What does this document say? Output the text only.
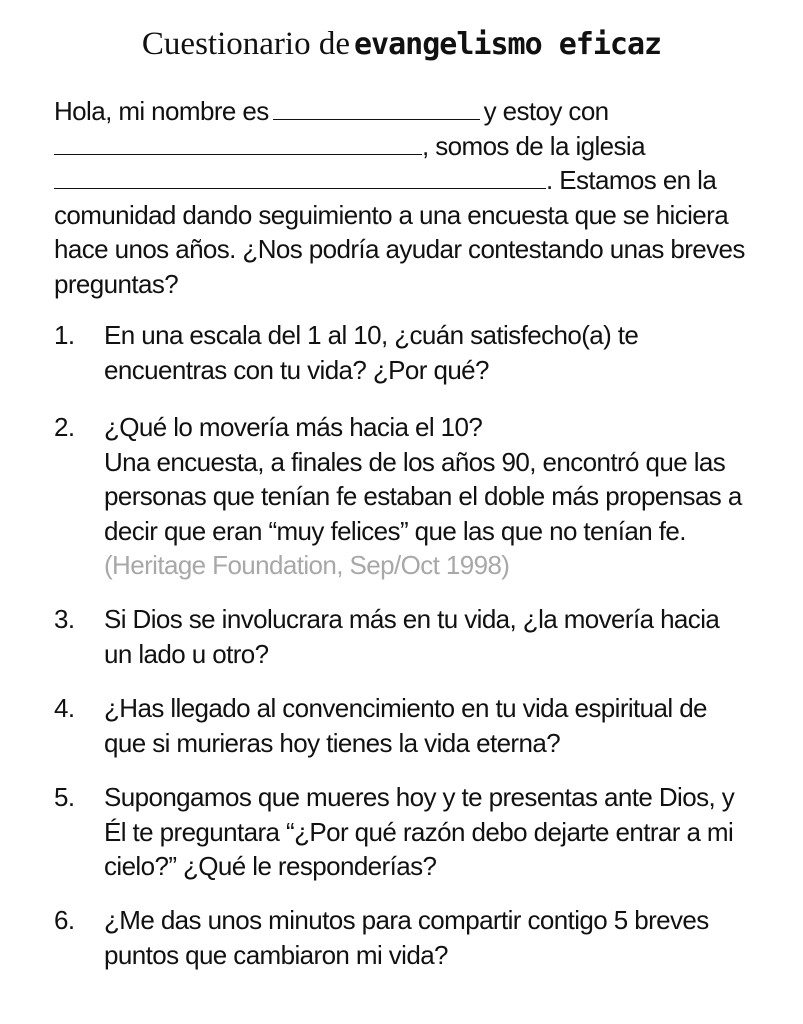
Cuestionario de evangelismo eficaz
Hola, mi nombre es	y estoy con
, somos de la iglesia
. Estamos en la
comunidad dando seguimiento a una encuesta que se hiciera
hace unos años. ¿Nos podría ayudar contestando unas breves
preguntas?
1.	En una escala del 1 al 10, ¿cuán satisfecho(a) te
encuentras con tu vida? ¿Por qué?
2.	¿Qué lo movería más hacia el 10?
Una encuesta, a finales de los años 90, encontró que las
personas que tenían fe estaban el doble más propensas a
decir que eran “muy felices” que las que no tenían fe.
(Heritage Foundation, Sep/Oct 1998)
3.	Si Dios se involucrara más en tu vida, ¿la movería hacia
un lado u otro?
4.	¿Has llegado al convencimiento en tu vida espiritual de
que si murieras hoy tienes la vida eterna?
5.	Supongamos que mueres hoy y te presentas ante Dios, y
Él te preguntara “¿Por qué razón debo dejarte entrar a mi
cielo?” ¿Qué le responderías?
6.	¿Me das unos minutos para compartir contigo 5 breves
puntos que cambiaron mi vida?
